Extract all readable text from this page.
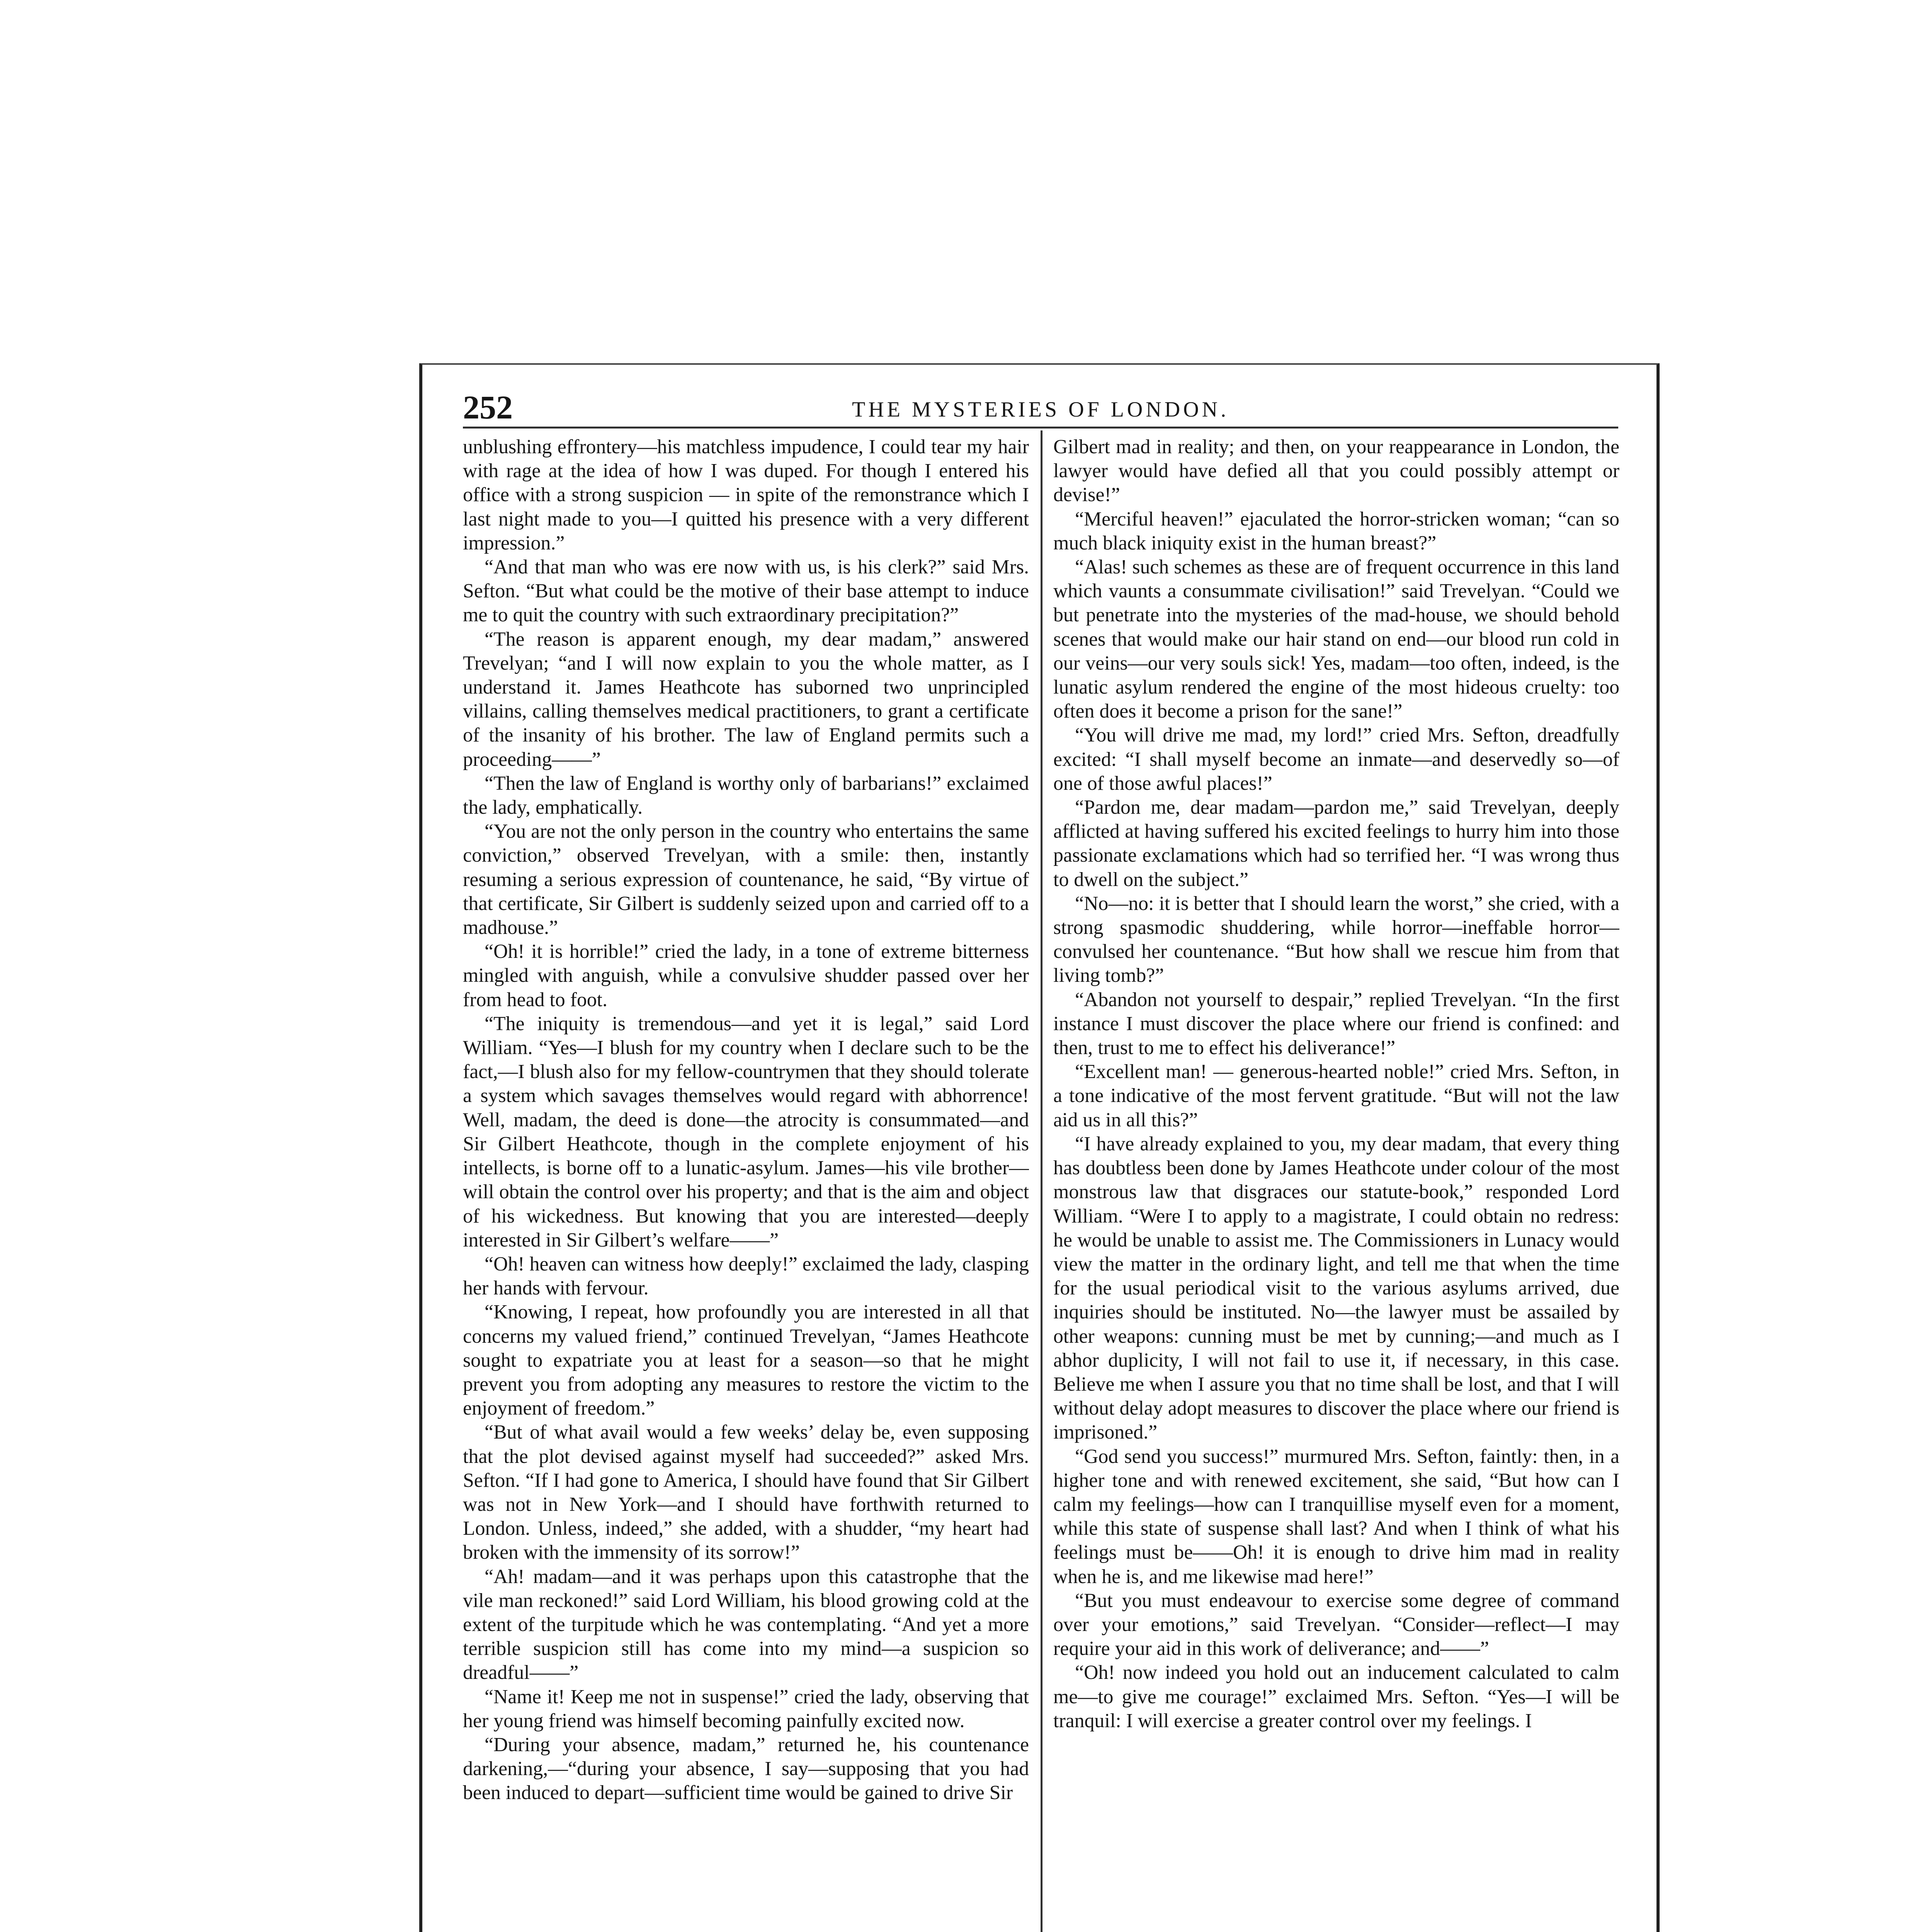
252	THE MYSTERIES OF LONDON.

unblushing effrontery—his matchless impudence, I could tear my hair with rage at the idea of how I was duped. For though I entered his office with a strong suspicion — in spite of the remonstrance which I last night made to you—I quitted his presence with a very different impression.”

“And that man who was ere now with us, is his clerk?” said Mrs. Sefton. “But what could be the motive of their base attempt to induce me to quit the country with such extraordinary precipitation?”

“The reason is apparent enough, my dear madam,” answered Trevelyan; “and I will now explain to you the whole matter, as I understand it. James Heathcote has suborned two unprincipled villains, calling themselves medical practitioners, to grant a certificate of the insanity of his brother. The law of England permits such a proceeding——”

“Then the law of England is worthy only of barbarians!” exclaimed the lady, emphatically.

“You are not the only person in the country who entertains the same conviction,” observed Trevelyan, with a smile: then, instantly resuming a serious expression of countenance, he said, “By virtue of that certificate, Sir Gilbert is suddenly seized upon and carried off to a madhouse.”

“Oh! it is horrible!” cried the lady, in a tone of extreme bitterness mingled with anguish, while a convulsive shudder passed over her from head to foot.

“The iniquity is tremendous—and yet it is legal,” said Lord William. “Yes—I blush for my country when I declare such to be the fact,—I blush also for my fellow-countrymen that they should tolerate a system which savages themselves would regard with abhorrence! Well, madam, the deed is done—the atrocity is consummated—and Sir Gilbert Heathcote, though in the complete enjoyment of his intellects, is borne off to a lunatic-asylum. James—his vile brother—will obtain the control over his property; and that is the aim and object of his wickedness. But knowing that you are interested—deeply interested in Sir Gilbert’s welfare——”

“Oh! heaven can witness how deeply!” exclaimed the lady, clasping her hands with fervour.

“Knowing, I repeat, how profoundly you are interested in all that concerns my valued friend,” continued Trevelyan, “James Heathcote sought to expatriate you at least for a season—so that he might prevent you from adopting any measures to restore the victim to the enjoyment of freedom.”

“But of what avail would a few weeks’ delay be, even supposing that the plot devised against myself had succeeded?” asked Mrs. Sefton. “If I had gone to America, I should have found that Sir Gilbert was not in New York—and I should have forthwith returned to London. Unless, indeed,” she added, with a shudder, “my heart had broken with the immensity of its sorrow!”

“Ah! madam—and it was perhaps upon this catastrophe that the vile man reckoned!” said Lord William, his blood growing cold at the extent of the turpitude which he was contemplating. “And yet a more terrible suspicion still has come into my mind—a suspicion so dreadful——”

“Name it! Keep me not in suspense!” cried the lady, observing that her young friend was himself becoming painfully excited now.

“During your absence, madam,” returned he, his countenance darkening,—“during your absence, I say—supposing that you had been induced to depart—sufficient time would be gained to drive Sir

Gilbert mad in reality; and then, on your reappearance in London, the lawyer would have defied all that you could possibly attempt or devise!”

“Merciful heaven!” ejaculated the horror-stricken woman; “can so much black iniquity exist in the human breast?”

“Alas! such schemes as these are of frequent occurrence in this land which vaunts a consummate civilisation!” said Trevelyan. “Could we but penetrate into the mysteries of the mad-house, we should behold scenes that would make our hair stand on end—our blood run cold in our veins—our very souls sick! Yes, madam—too often, indeed, is the lunatic asylum rendered the engine of the most hideous cruelty: too often does it become a prison for the sane!”

“You will drive me mad, my lord!” cried Mrs. Sefton, dreadfully excited: “I shall myself become an inmate—and deservedly so—of one of those awful places!”

“Pardon me, dear madam—pardon me,” said Trevelyan, deeply afflicted at having suffered his excited feelings to hurry him into those passionate exclamations which had so terrified her. “I was wrong thus to dwell on the subject.”

“No—no: it is better that I should learn the worst,” she cried, with a strong spasmodic shuddering, while horror—ineffable horror—convulsed her countenance. “But how shall we rescue him from that living tomb?”

“Abandon not yourself to despair,” replied Trevelyan. “In the first instance I must discover the place where our friend is confined: and then, trust to me to effect his deliverance!”

“Excellent man! — generous-hearted noble!” cried Mrs. Sefton, in a tone indicative of the most fervent gratitude. “But will not the law aid us in all this?”

“I have already explained to you, my dear madam, that every thing has doubtless been done by James Heathcote under colour of the most monstrous law that disgraces our statute-book,” responded Lord William. “Were I to apply to a magistrate, I could obtain no redress: he would be unable to assist me. The Commissioners in Lunacy would view the matter in the ordinary light, and tell me that when the time for the usual periodical visit to the various asylums arrived, due inquiries should be instituted. No—the lawyer must be assailed by other weapons: cunning must be met by cunning;—and much as I abhor duplicity, I will not fail to use it, if necessary, in this case. Believe me when I assure you that no time shall be lost, and that I will without delay adopt measures to discover the place where our friend is imprisoned.”

“God send you success!” murmured Mrs. Sefton, faintly: then, in a higher tone and with renewed excitement, she said, “But how can I calm my feelings—how can I tranquillise myself even for a moment, while this state of suspense shall last? And when I think of what his feelings must be——Oh! it is enough to drive him mad in reality when he is, and me likewise mad here!”

“But you must endeavour to exercise some degree of command over your emotions,” said Trevelyan. “Consider—reflect—I may require your aid in this work of deliverance; and——”

“Oh! now indeed you hold out an inducement calculated to calm me—to give me courage!” exclaimed Mrs. Sefton. “Yes—I will be tranquil: I will exercise a greater control over my feelings. I
